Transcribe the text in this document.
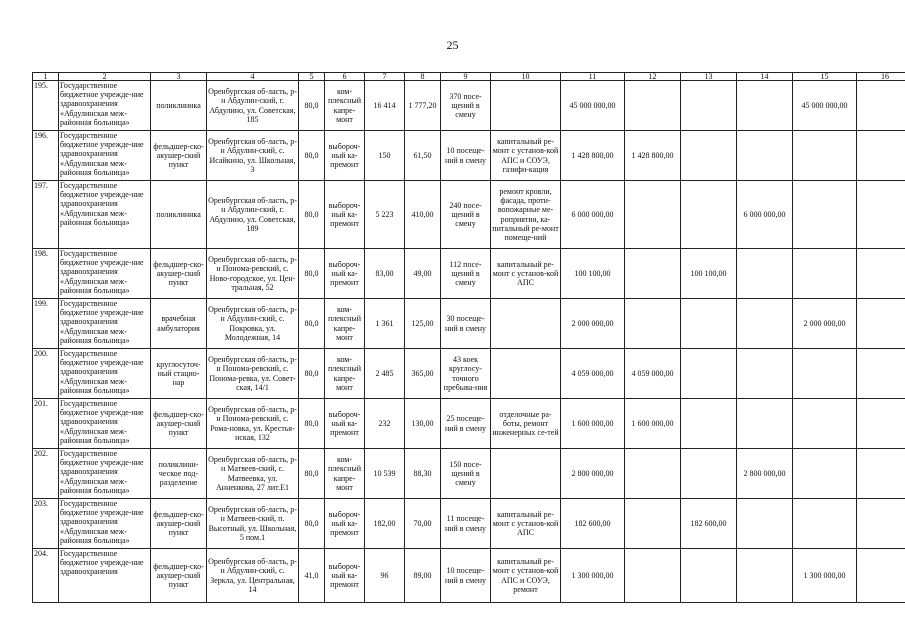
25
1	2	3	4	5	6	7	8	9	10	11	12	13	14	15	16
195.	Государственное бюджетное учрежде-ние здравоохранения «Абдулинская меж-районная больница»	поликлиника	Оренбургская об-ласть, р-н Абдулин-ский, г. Абдулино, ул. Советская, 185	80,0	ком-плексный капре-монт	16 414	1 777,20	370 посе-щений в смену		45 000 000,00				45 000 000,00	
196.	Государственное бюджетное учрежде-ние здравоохранения «Абдулинская меж-районная больница»	фельдшер-ско-акушер-ский пункт	Оренбургская об-ласть, р-н Абдулин-ский, с. Исайкино, ул. Школьная, 3	80,0	выбороч-ный ка-премонт	150	61,50	10 посеще-ний в смену	капитальный ре-монт с установ-кой АПС и СОУЭ, газифи-кация	1 428 800,00	1 428 800,00				
197.	Государственное бюджетное учрежде-ние здравоохранения «Абдулинская меж-районная больница»	поликлиника	Оренбургская об-ласть, р-н Абдулин-ский, г. Абдулино, ул. Советская, 189	80,0	выбороч-ный ка-премонт	5 223	410,00	240 посе-щений в смену	ремонт кровли, фасада, проти-вопожарные ме-роприятия, ка-питальный ре-монт помеще-ний	6 000 000,00			6 000 000,00		
198.	Государственное бюджетное учрежде-ние здравоохранения «Абдулинская меж-районная больница»	фельдшер-ско-акушер-ский пункт	Оренбургская об-ласть, р-н Понома-ревский, с. Ново-городское, ул. Цен-тральная, 52	80,0	выбороч-ный ка-премонт	83,00	49,00	112 посе-щений в смену	капитальный ре-монт с установ-кой АПС	100 100,00		100 100,00			
199.	Государственное бюджетное учрежде-ние здравоохранения «Абдулинская меж-районная больница»	врачебная амбулатория	Оренбургская об-ласть, р-н Абдулин-ский, с. Покровка, ул. Молодежная, 14	80,0	ком-плексный капре-монт	1 361	125,00	30 посеще-ний в смену		2 000 000,00				2 000 000,00	
200.	Государственное бюджетное учрежде-ние здравоохранения «Абдулинская меж-районная больница»	круглосуточ-ный стацио-нар	Оренбургская об-ласть, р-н Пономa-ревский, с. Пономa-ревка, ул. Совет-ская, 14/1	80,0	ком-плексный капре-монт	2 485	365,00	43 коек круглосу-точного пребыва-ния		4 059 000,00	4 059 000,00				
201.	Государственное бюджетное учрежде-ние здравоохранения «Абдулинская меж-районная больница»	фельдшер-ско-акушер-ский пункт	Оренбургская об-ласть, р-н Пономa-ревский, с. Рома-новка, ул. Крестья-нская, 132	80,0	выбороч-ный ка-премонт	232	130,00	25 посеще-ний в смену	отделочные ра-боты, ремонт инженерных се-тей	1 600 000,00	1 600 000,00				
202.	Государственное бюджетное учрежде-ние здравоохранения «Абдулинская меж-районная больница»	поликлини-ческое под-разделение	Оренбургская об-ласть, р-н Матвеев-ский, с. Матвеевка, ул. Анненкова, 27 лит.Е1	80,0	ком-плексный капре-монт	10 539	88,30	150 посе-щений в смену		2 800 000,00			2 800 000,00		
203.	Государственное бюджетное учрежде-ние здравоохранения «Абдулинская меж-районная больница»	фельдшер-ско-акушер-ский пункт	Оренбургская об-ласть, р-н Матвеев-ский, п. Высотный, ул. Школьная, 5 пом.1	80,0	выбороч-ный ка-премонт	182,00	70,00	11 посеще-ний в смену	капитальный ре-монт с установ-кой АПС	182 600,00		182 600,00			
204.	Государственное бюджетное учрежде-ние здравоохранения	фельдшер-ско-акушер-ский пункт	Оренбургская об-ласть, р-н Абдулин-ский, с. Зеркла, ул. Центральная, 14	41,0	выбороч-ный ка-премонт	96	89,00	10 посеще-ний в смену	капитальный ре-монт с установ-кой АПС и СОУЭ, ремонт	1 300 000,00				1 300 000,00	
